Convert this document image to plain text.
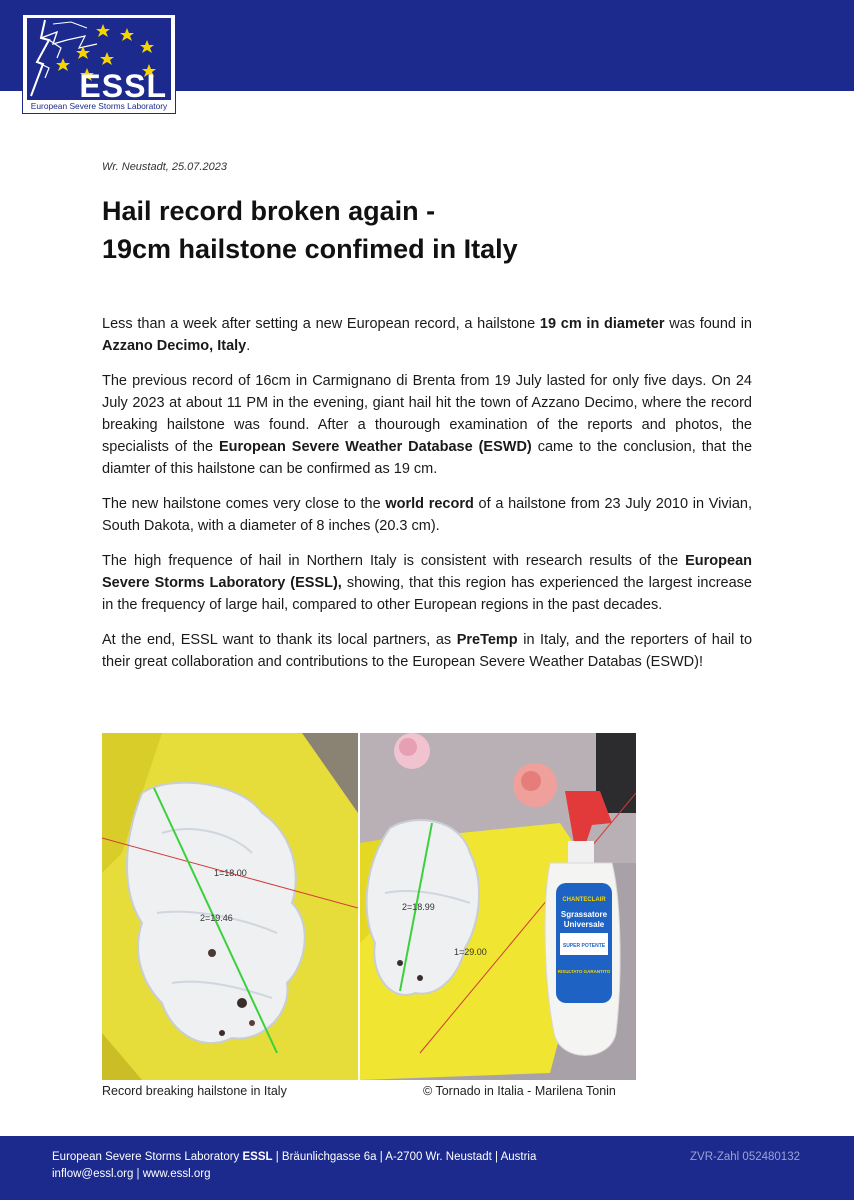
ESSL
European Severe Storms Laboratory
Wr. Neustadt, 25.07.2023
Hail record broken again -
19cm hailstone confimed in Italy

Less than a week after setting a new European record, a hailstone 19 cm in diameter was found in Azzano Decimo, Italy.

The previous record of 16cm in Carmignano di Brenta from 19 July lasted for only five days. On 24 July 2023 at about 11 PM in the evening, giant hail hit the town of Azzano Decimo, where the record breaking hailstone was found. After a thourough examination of the reports and photos, the specialists of the European Severe Weather Database (ESWD) came to the conclusion, that the diamter of this hailstone can be confirmed as 19 cm.

The new hailstone comes very close to the world record of a hailstone from 23 July 2010 in Vivian, South Dakota, with a diameter of 8 inches (20.3 cm).

The high frequence of hail in Northern Italy is consistent with research results of the European Severe Storms Laboratory (ESSL), showing, that this region has experienced the largest increase in the frequency of large hail, compared to other European regions in the past decades.

At the end, ESSL want to thank its local partners, as PreTemp in Italy, and the reporters of hail to their great collaboration and contributions to the European Severe Weather Databas (ESWD)!

1=18.00
2=19.46
2=18.99
1=29.00
CHANTECLAIR
Sgrassatore
Universale
SUPER POTENTE
RISULTATO GARANTITO
Record breaking hailstone in Italy	© Tornado in Italia - Marilena Tonin
European Severe Storms Laboratory ESSL | Bräunlichgasse 6a | A-2700 Wr. Neustadt | Austria
inflow@essl.org | www.essl.org
ZVR-Zahl 052480132
